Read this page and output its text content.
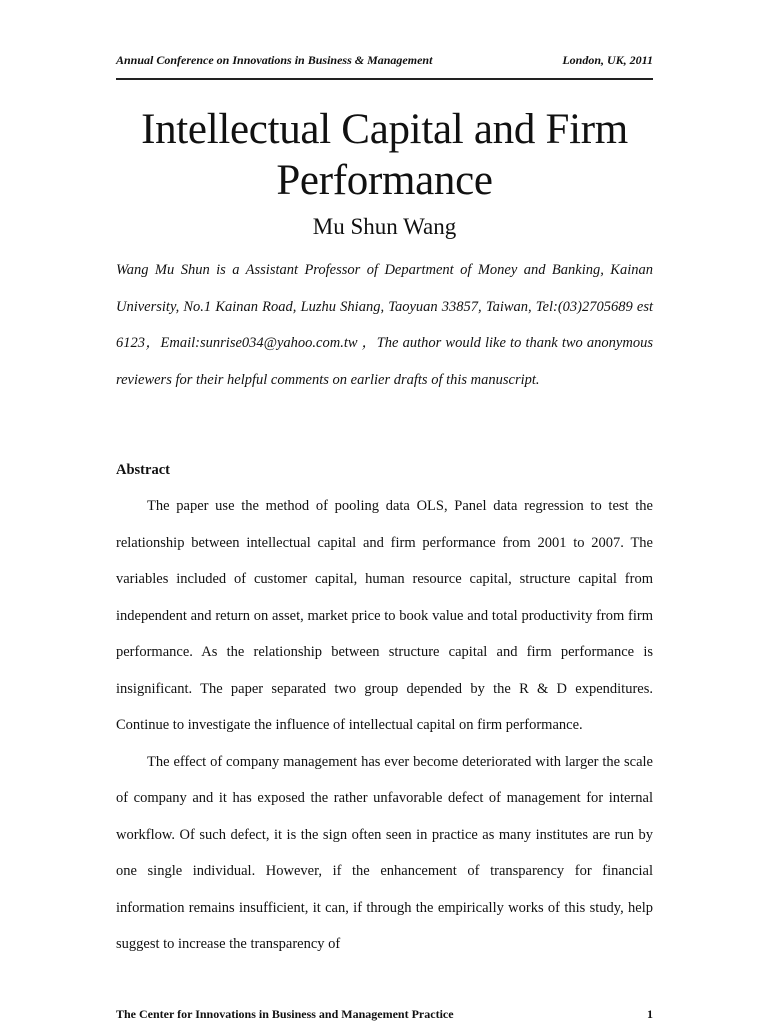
Annual Conference on Innovations in Business & Management	London, UK, 2011
Intellectual Capital and Firm Performance
Mu Shun Wang

Wang Mu Shun is a Assistant Professor of Department of Money and Banking, Kainan University, No.1 Kainan Road, Luzhu Shiang, Taoyuan 33857, Taiwan, Tel:(03)2705689 est 6123，Email:sunrise034@yahoo.com.tw ，The author would like to thank two anonymous reviewers for their helpful comments on earlier drafts of this manuscript.

Abstract

The paper use the method of pooling data OLS, Panel data regression to test the relationship between intellectual capital and firm performance from 2001 to 2007. The variables included of customer capital, human resource capital, structure capital from independent and return on asset, market price to book value and total productivity from firm performance. As the relationship between structure capital and firm performance is insignificant. The paper separated two group depended by the R & D expenditures. Continue to investigate the influence of intellectual capital on firm performance.

The effect of company management has ever become deteriorated with larger the scale of company and it has exposed the rather unfavorable defect of management for internal workflow. Of such defect, it is the sign often seen in practice as many institutes are run by one single individual. However, if the enhancement of transparency for financial information remains insufficient, it can, if through the empirically works of this study, help suggest to increase the transparency of

The Center for Innovations in Business and Management Practice	1
